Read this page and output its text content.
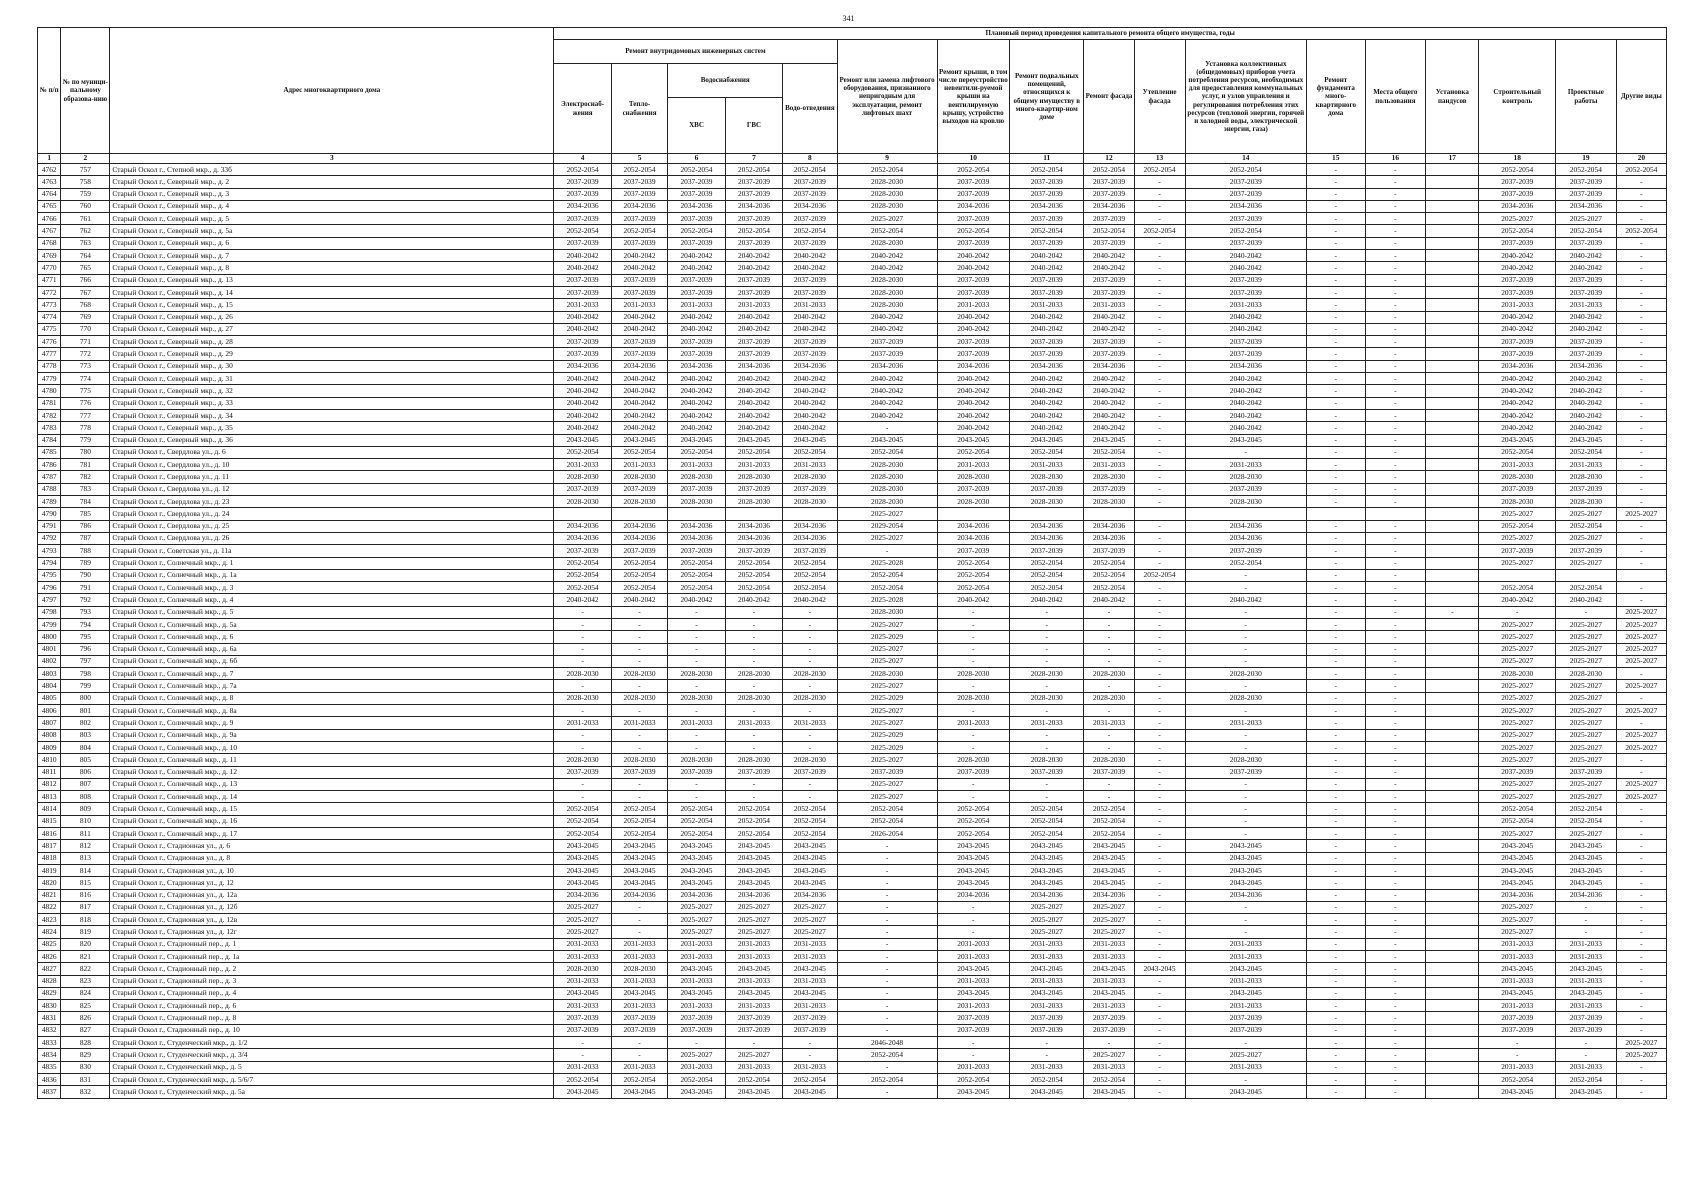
341
№ п/п	№ по муници-пальному образова-нию	Адрес многоквартирного дома	Плановый период проведения капитального ремонта общего имущества, годы																
			Ремонт внутридомовых инженерных систем					Ремонт или замена лифтового оборудования, признанного непригодным для эксплуатации, ремонт лифтовых шахт	Ремонт крыши, в том числе переустройство невентили-руемой крыши на вентилируемую крышу, устройство выходов на кровлю	Ремонт подвальных помещений, относящихся к общему имуществу в много-квартир-ном доме	Ремонт фасада	Утепление фасада	Установка коллективных (общедомовых) приборов учета потребления ресурсов, необходимых для предоставления коммунальных услуг, и узлов управления и регулирования потребления этих ресурсов (тепловой энергии, горячей и холодной воды, электрической энергии, газа)	Ремонт фундамента много-квартирного дома	Места общего пользования	Установка пандусов	Строительный контроль	Проектные работы	Другие виды
			Электроснаб-жения	Тепло-снабжения	Водоснабжения		Водо-отведения												
					ХВС	ГВС													
1	2	3	4	5	6	7	8	9	10	11	12	13	14	15	16	17	18	19	20
4762	757	Старый Оскол г., Степной мкр., д. 33б	2052-2054	2052-2054	2052-2054	2052-2054	2052-2054	2052-2054	2052-2054	2052-2054	2052-2054	2052-2054	2052-2054	-	-		2052-2054	2052-2054	2052-2054
4763	758	Старый Оскол г., Северный мкр., д. 2	2037-2039	2037-2039	2037-2039	2037-2039	2037-2039	2028-2030	2037-2039	2037-2039	2037-2039	-	2037-2039	-	-		2037-2039	2037-2039	-
4764	759	Старый Оскол г., Северный мкр., д. 3	2037-2039	2037-2039	2037-2039	2037-2039	2037-2039	2028-2030	2037-2039	2037-2039	2037-2039	-	2037-2039	-	-		2037-2039	2037-2039	-
4765	760	Старый Оскол г., Северный мкр., д. 4	2034-2036	2034-2036	2034-2036	2034-2036	2034-2036	2028-2030	2034-2036	2034-2036	2034-2036	-	2034-2036	-	-		2034-2036	2034-2036	-
4766	761	Старый Оскол г., Северный мкр., д. 5	2037-2039	2037-2039	2037-2039	2037-2039	2037-2039	2025-2027	2037-2039	2037-2039	2037-2039	-	2037-2039	-	-		2025-2027	2025-2027	-
4767	762	Старый Оскол г., Северный мкр., д. 5а	2052-2054	2052-2054	2052-2054	2052-2054	2052-2054	2052-2054	2052-2054	2052-2054	2052-2054	2052-2054	2052-2054	-	-		2052-2054	2052-2054	2052-2054
4768	763	Старый Оскол г., Северный мкр., д. 6	2037-2039	2037-2039	2037-2039	2037-2039	2037-2039	2028-2030	2037-2039	2037-2039	2037-2039	-	2037-2039	-	-		2037-2039	2037-2039	-
4769	764	Старый Оскол г., Северный мкр., д. 7	2040-2042	2040-2042	2040-2042	2040-2042	2040-2042	2040-2042	2040-2042	2040-2042	2040-2042	-	2040-2042	-	-		2040-2042	2040-2042	-
4770	765	Старый Оскол г., Северный мкр., д. 8	2040-2042	2040-2042	2040-2042	2040-2042	2040-2042	2040-2042	2040-2042	2040-2042	2040-2042	-	2040-2042	-	-		2040-2042	2040-2042	-
4771	766	Старый Оскол г., Северный мкр., д. 13	2037-2039	2037-2039	2037-2039	2037-2039	2037-2039	2028-2030	2037-2039	2037-2039	2037-2039	-	2037-2039	-	-		2037-2039	2037-2039	-
4772	767	Старый Оскол г., Северный мкр., д. 14	2037-2039	2037-2039	2037-2039	2037-2039	2037-2039	2028-2030	2037-2039	2037-2039	2037-2039	-	2037-2039	-	-		2037-2039	2037-2039	-
4773	768	Старый Оскол г., Северный мкр., д. 15	2031-2033	2031-2033	2031-2033	2031-2033	2031-2033	2028-2030	2031-2033	2031-2033	2031-2033	-	2031-2033	-	-		2031-2033	2031-2033	-
4774	769	Старый Оскол г., Северный мкр., д. 26	2040-2042	2040-2042	2040-2042	2040-2042	2040-2042	2040-2042	2040-2042	2040-2042	2040-2042	-	2040-2042	-	-		2040-2042	2040-2042	-
4775	770	Старый Оскол г., Северный мкр., д. 27	2040-2042	2040-2042	2040-2042	2040-2042	2040-2042	2040-2042	2040-2042	2040-2042	2040-2042	-	2040-2042	-	-		2040-2042	2040-2042	-
4776	771	Старый Оскол г., Северный мкр., д. 28	2037-2039	2037-2039	2037-2039	2037-2039	2037-2039	2037-2039	2037-2039	2037-2039	2037-2039	-	2037-2039	-	-		2037-2039	2037-2039	-
4777	772	Старый Оскол г., Северный мкр., д. 29	2037-2039	2037-2039	2037-2039	2037-2039	2037-2039	2037-2039	2037-2039	2037-2039	2037-2039	-	2037-2039	-	-		2037-2039	2037-2039	-
4778	773	Старый Оскол г., Северный мкр., д. 30	2034-2036	2034-2036	2034-2036	2034-2036	2034-2036	2034-2036	2034-2036	2034-2036	2034-2036	-	2034-2036	-	-		2034-2036	2034-2036	-
4779	774	Старый Оскол г., Северный мкр., д. 31	2040-2042	2040-2042	2040-2042	2040-2042	2040-2042	2040-2042	2040-2042	2040-2042	2040-2042	-	2040-2042	-	-		2040-2042	2040-2042	-
4780	775	Старый Оскол г., Северный мкр., д. 32	2040-2042	2040-2042	2040-2042	2040-2042	2040-2042	2040-2042	2040-2042	2040-2042	2040-2042	-	2040-2042	-	-		2040-2042	2040-2042	-
4781	776	Старый Оскол г., Северный мкр., д. 33	2040-2042	2040-2042	2040-2042	2040-2042	2040-2042	2040-2042	2040-2042	2040-2042	2040-2042	-	2040-2042	-	-		2040-2042	2040-2042	-
4782	777	Старый Оскол г., Северный мкр., д. 34	2040-2042	2040-2042	2040-2042	2040-2042	2040-2042	2040-2042	2040-2042	2040-2042	2040-2042	-	2040-2042	-	-		2040-2042	2040-2042	-
4783	778	Старый Оскол г., Северный мкр., д. 35	2040-2042	2040-2042	2040-2042	2040-2042	2040-2042	-	2040-2042	2040-2042	2040-2042	-	2040-2042	-	-		2040-2042	2040-2042	-
4784	779	Старый Оскол г., Северный мкр., д. 36	2043-2045	2043-2045	2043-2045	2043-2045	2043-2045	2043-2045	2043-2045	2043-2045	2043-2045	-	2043-2045	-	-		2043-2045	2043-2045	-
4785	780	Старый Оскол г., Свердлова ул., д. 6	2052-2054	2052-2054	2052-2054	2052-2054	2052-2054	2052-2054	2052-2054	2052-2054	2052-2054	-	-	-	-		2052-2054	2052-2054	-
4786	781	Старый Оскол г., Свердлова ул., д. 10	2031-2033	2031-2033	2031-2033	2031-2033	2031-2033	2028-2030	2031-2033	2031-2033	2031-2033	-	2031-2033	-	-		2031-2033	2031-2033	-
4787	782	Старый Оскол г., Свердлова ул., д. 11	2028-2030	2028-2030	2028-2030	2028-2030	2028-2030	2028-2030	2028-2030	2028-2030	2028-2030	-	2028-2030	-	-		2028-2030	2028-2030	-
4788	783	Старый Оскол г., Свердлова ул., д. 12	2037-2039	2037-2039	2037-2039	2037-2039	2037-2039	2028-2030	2037-2039	2037-2039	2037-2039	-	2037-2039	-	-		2037-2039	2037-2039	-
4789	784	Старый Оскол г., Свердлова ул., д. 23	2028-2030	2028-2030	2028-2030	2028-2030	2028-2030	2028-2030	2028-2030	2028-2030	2028-2030	-	2028-2030	-	-		2028-2030	2028-2030	-
4790	785	Старый Оскол г., Свердлова ул., д. 24						2025-2027									2025-2027	2025-2027	2025-2027
4791	786	Старый Оскол г., Свердлова ул., д. 25	2034-2036	2034-2036	2034-2036	2034-2036	2034-2036	2029-2054	2034-2036	2034-2036	2034-2036	-	2034-2036	-	-		2052-2054	2052-2054	-
4792	787	Старый Оскол г., Свердлова ул., д. 26	2034-2036	2034-2036	2034-2036	2034-2036	2034-2036	2025-2027	2034-2036	2034-2036	2034-2036	-	2034-2036	-	-		2025-2027	2025-2027	-
4793	788	Старый Оскол г., Советская ул., д. 11а	2037-2039	2037-2039	2037-2039	2037-2039	2037-2039	-	2037-2039	2037-2039	2037-2039	-	2037-2039	-	-		2037-2039	2037-2039	-
4794	789	Старый Оскол г., Солнечный мкр., д. 1	2052-2054	2052-2054	2052-2054	2052-2054	2052-2054	2025-2028	2052-2054	2052-2054	2052-2054	-	2052-2054	-	-		2025-2027	2025-2027	-
4795	790	Старый Оскол г., Солнечный мкр., д. 1а	2052-2054	2052-2054	2052-2054	2052-2054	2052-2054	2052-2054	2052-2054	2052-2054	2052-2054	2052-2054	-	-	-				
4796	791	Старый Оскол г., Солнечный мкр., д. 3	2052-2054	2052-2054	2052-2054	2052-2054	2052-2054	2052-2054	2052-2054	2052-2054	2052-2054	-	-	-	-		2052-2054	2052-2054	-
4797	792	Старый Оскол г., Солнечный мкр., д. 4	2040-2042	2040-2042	2040-2042	2040-2042	2040-2042	2025-2028	2040-2042	2040-2042	2040-2042	-	2040-2042	-	-		2040-2042	2040-2042	-
4798	793	Старый Оскол г., Солнечный мкр., д. 5	-	-	-	-	-	2028-2030	-	-	-	-	-	-	-	-	-	-	2025-2027
4799	794	Старый Оскол г., Солнечный мкр., д. 5а	-	-	-	-	-	2025-2027	-	-	-	-	-	-	-		2025-2027	2025-2027	2025-2027
4800	795	Старый Оскол г., Солнечный мкр., д. 6	-	-	-	-	-	2025-2029	-	-	-	-	-	-	-		2025-2027	2025-2027	2025-2027
4801	796	Старый Оскол г., Солнечный мкр., д. 6а	-	-	-	-	-	2025-2027	-	-	-	-	-	-	-		2025-2027	2025-2027	2025-2027
4802	797	Старый Оскол г., Солнечный мкр., д. 6б	-	-	-	-	-	2025-2027	-	-	-	-	-	-	-		2025-2027	2025-2027	2025-2027
4803	798	Старый Оскол г., Солнечный мкр., д. 7	2028-2030	2028-2030	2028-2030	2028-2030	2028-2030	2028-2030	2028-2030	2028-2030	2028-2030	-	2028-2030	-	-		2028-2030	2028-2030	-
4804	799	Старый Оскол г., Солнечный мкр., д. 7а	-	-	-	-	-	2025-2027	-	-	-	-	-	-	-		2025-2027	2025-2027	2025-2027
4805	800	Старый Оскол г., Солнечный мкр., д. 8	2028-2030	2028-2030	2028-2030	2028-2030	2028-2030	2025-2029	2028-2030	2028-2030	2028-2030	-	2028-2030	-	-		2025-2027	2025-2027	-
4806	801	Старый Оскол г., Солнечный мкр., д. 8а	-	-	-	-	-	2025-2027	-	-	-	-	-	-	-		2025-2027	2025-2027	2025-2027
4807	802	Старый Оскол г., Солнечный мкр., д. 9	2031-2033	2031-2033	2031-2033	2031-2033	2031-2033	2025-2027	2031-2033	2031-2033	2031-2033	-	2031-2033	-	-		2025-2027	2025-2027	-
4808	803	Старый Оскол г., Солнечный мкр., д. 9а	-	-	-	-	-	2025-2029	-	-	-	-	-	-	-		2025-2027	2025-2027	2025-2027
4809	804	Старый Оскол г., Солнечный мкр., д. 10	-	-	-	-	-	2025-2029	-	-	-	-	-	-	-		2025-2027	2025-2027	2025-2027
4810	805	Старый Оскол г., Солнечный мкр., д. 11	2028-2030	2028-2030	2028-2030	2028-2030	2028-2030	2025-2027	2028-2030	2028-2030	2028-2030	-	2028-2030	-	-		2025-2027	2025-2027	-
4811	806	Старый Оскол г., Солнечный мкр., д. 12	2037-2039	2037-2039	2037-2039	2037-2039	2037-2039	2037-2039	2037-2039	2037-2039	2037-2039	-	2037-2039	-	-		2037-2039	2037-2039	-
4812	807	Старый Оскол г., Солнечный мкр., д. 13	-	-	-	-	-	2025-2027	-	-	-	-	-	-	-		2025-2027	2025-2027	2025-2027
4813	808	Старый Оскол г., Солнечный мкр., д. 14	-	-	-	-	-	2025-2027	-	-	-	-	-	-	-		2025-2027	2025-2027	2025-2027
4814	809	Старый Оскол г., Солнечный мкр., д. 15	2052-2054	2052-2054	2052-2054	2052-2054	2052-2054	2052-2054	2052-2054	2052-2054	2052-2054	-	-	-	-		2052-2054	2052-2054	-
4815	810	Старый Оскол г., Солнечный мкр., д. 16	2052-2054	2052-2054	2052-2054	2052-2054	2052-2054	2052-2054	2052-2054	2052-2054	2052-2054	-	-	-	-		2052-2054	2052-2054	-
4816	811	Старый Оскол г., Солнечный мкр., д. 17	2052-2054	2052-2054	2052-2054	2052-2054	2052-2054	2026-2054	2052-2054	2052-2054	2052-2054	-	-	-	-		2025-2027	2025-2027	-
4817	812	Старый Оскол г., Стадионная ул., д. 6	2043-2045	2043-2045	2043-2045	2043-2045	2043-2045	-	2043-2045	2043-2045	2043-2045	-	2043-2045	-	-		2043-2045	2043-2045	-
4818	813	Старый Оскол г., Стадионная ул., д. 8	2043-2045	2043-2045	2043-2045	2043-2045	2043-2045	-	2043-2045	2043-2045	2043-2045	-	2043-2045	-	-		2043-2045	2043-2045	-
4819	814	Старый Оскол г., Стадионная ул., д. 10	2043-2045	2043-2045	2043-2045	2043-2045	2043-2045	-	2043-2045	2043-2045	2043-2045	-	2043-2045	-	-		2043-2045	2043-2045	-
4820	815	Старый Оскол г., Стадионная ул., д. 12	2043-2045	2043-2045	2043-2045	2043-2045	2043-2045	-	2043-2045	2043-2045	2043-2045	-	2043-2045	-	-		2043-2045	2043-2045	-
4821	816	Старый Оскол г., Стадионная ул., д. 12а	2034-2036	2034-2036	2034-2036	2034-2036	2034-2036	-	2034-2036	2034-2036	2034-2036	-	2034-2036	-	-		2034-2036	2034-2036	-
4822	817	Старый Оскол г., Стадионная ул., д. 12б	2025-2027	-	2025-2027	2025-2027	2025-2027	-	-	2025-2027	2025-2027	-	-	-	-		2025-2027	-	-
4823	818	Старый Оскол г., Стадионная ул., д. 12в	2025-2027	-	2025-2027	2025-2027	2025-2027	-	-	2025-2027	2025-2027	-	-	-	-		2025-2027	-	-
4824	819	Старый Оскол г., Стадионная ул., д. 12г	2025-2027	-	2025-2027	2025-2027	2025-2027	-	-	2025-2027	2025-2027	-	-	-	-		2025-2027	-	-
4825	820	Старый Оскол г., Стадионный пер., д. 1	2031-2033	2031-2033	2031-2033	2031-2033	2031-2033	-	2031-2033	2031-2033	2031-2033	-	2031-2033	-	-		2031-2033	2031-2033	-
4826	821	Старый Оскол г., Стадионный пер., д. 1а	2031-2033	2031-2033	2031-2033	2031-2033	2031-2033	-	2031-2033	2031-2033	2031-2033	-	2031-2033	-	-		2031-2033	2031-2033	-
4827	822	Старый Оскол г., Стадионный пер., д. 2	2028-2030	2028-2030	2043-2045	2043-2045	2043-2045	-	2043-2045	2043-2045	2043-2045	2043-2045	2043-2045	-	-		2043-2045	2043-2045	-
4828	823	Старый Оскол г., Стадионный пер., д. 3	2031-2033	2031-2033	2031-2033	2031-2033	2031-2033	-	2031-2033	2031-2033	2031-2033	-	2031-2033	-	-		2031-2033	2031-2033	-
4829	824	Старый Оскол г., Стадионный пер., д. 4	2043-2045	2043-2045	2043-2045	2043-2045	2043-2045	-	2043-2045	2043-2045	2043-2045	-	2043-2045	-	-		2043-2045	2043-2045	-
4830	825	Старый Оскол г., Стадионный пер., д. 6	2031-2033	2031-2033	2031-2033	2031-2033	2031-2033	-	2031-2033	2031-2033	2031-2033	-	2031-2033	-	-		2031-2033	2031-2033	-
4831	826	Старый Оскол г., Стадионный пер., д. 8	2037-2039	2037-2039	2037-2039	2037-2039	2037-2039	-	2037-2039	2037-2039	2037-2039	-	2037-2039	-	-		2037-2039	2037-2039	-
4832	827	Старый Оскол г., Стадионный пер., д. 10	2037-2039	2037-2039	2037-2039	2037-2039	2037-2039	-	2037-2039	2037-2039	2037-2039	-	2037-2039	-	-		2037-2039	2037-2039	-
4833	828	Старый Оскол г., Студенческий мкр., д. 1/2	-	-	-	-	-	2046-2048	-	-	-	-	-	-	-		-	-	2025-2027
4834	829	Старый Оскол г., Студенческий мкр., д. 3/4	-	-	2025-2027	2025-2027	-	2052-2054	-	-	2025-2027	-	2025-2027	-	-		-	-	2025-2027
4835	830	Старый Оскол г., Студенческий мкр., д. 5	2031-2033	2031-2033	2031-2033	2031-2033	2031-2033	-	2031-2033	2031-2033	2031-2033	-	2031-2033	-	-		2031-2033	2031-2033	-
4836	831	Старый Оскол г., Студенческий мкр., д. 5/6/7	2052-2054	2052-2054	2052-2054	2052-2054	2052-2054	2052-2054	2052-2054	2052-2054	2052-2054	-	-	-	-		2052-2054	2052-2054	-
4837	832	Старый Оскол г., Студенческий мкр., д. 5а	2043-2045	2043-2045	2043-2045	2043-2045	2043-2045	-	2043-2045	2043-2045	2043-2045	-	2043-2045	-	-		2043-2045	2043-2045	-
